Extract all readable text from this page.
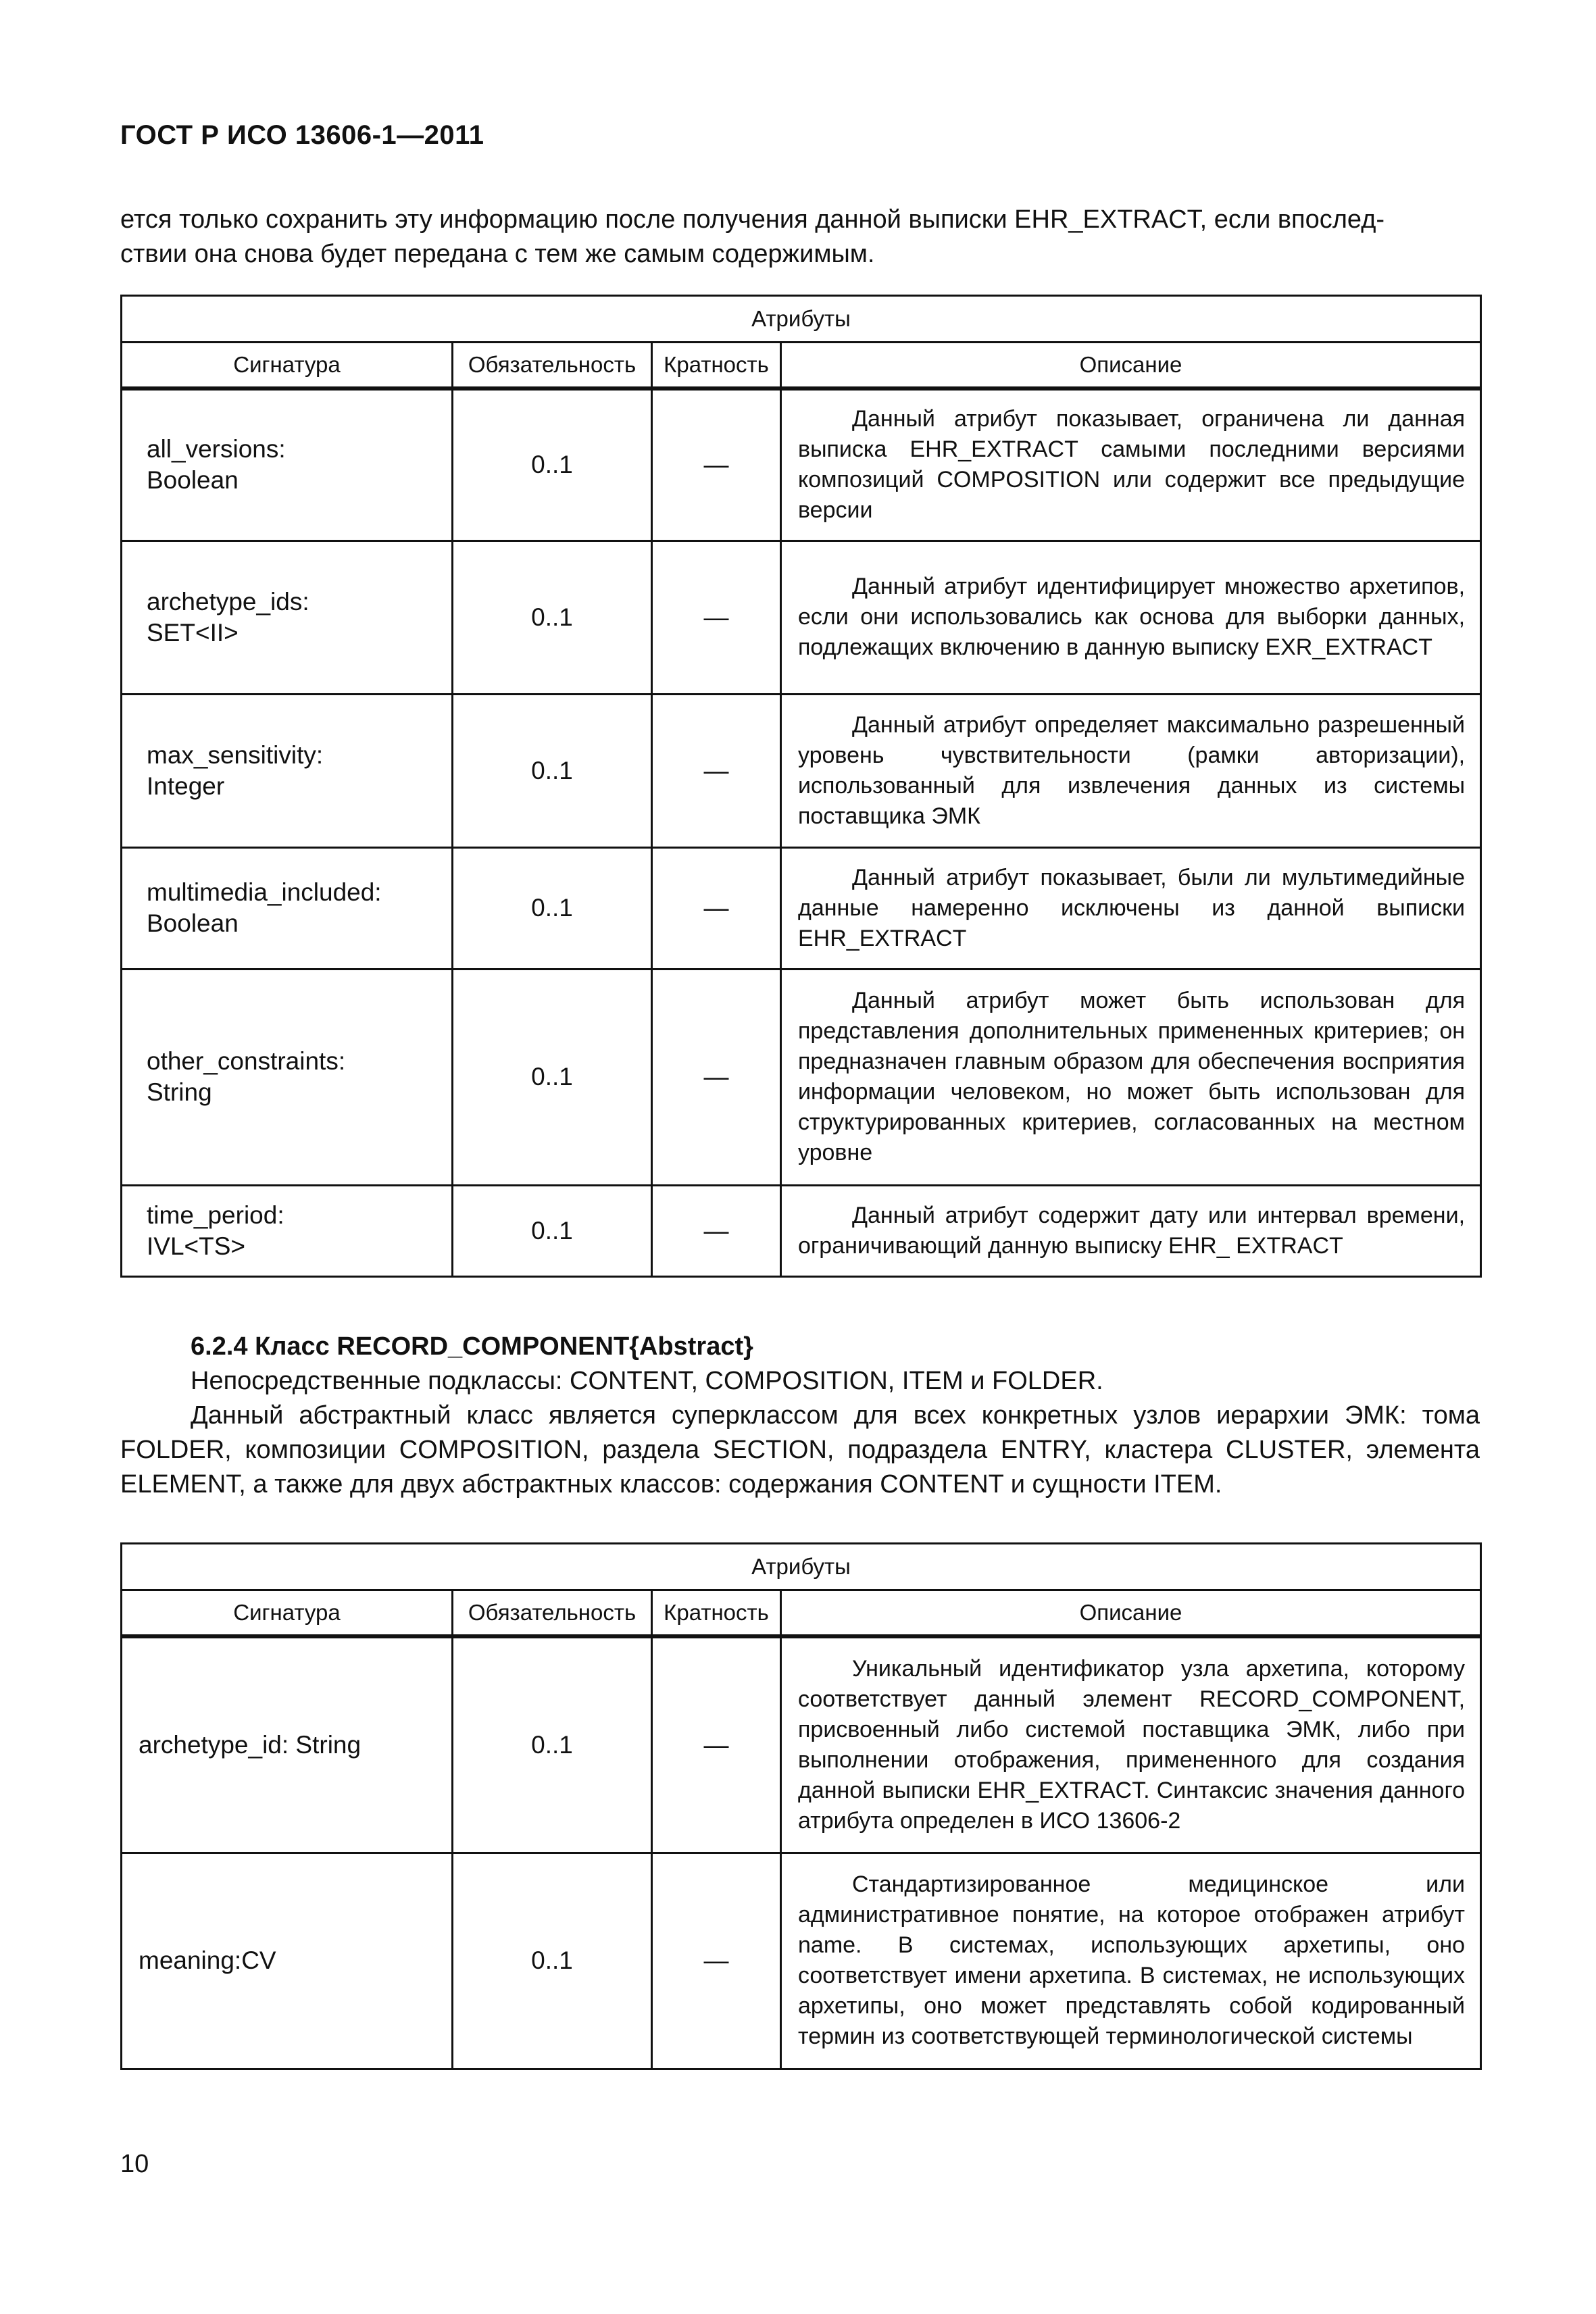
ГОСТ Р ИСО 13606-1—2011
ется только сохранить эту информацию после получения данной выписки EHR_EXTRACT, если впослед-
ствии она снова будет передана с тем же самым содержимым.
Атрибуты			
Сигнатура	Обязательность	Кратность	Описание

all_versions:
Boolean	0..1	—	Данный атрибут показывает, ограничена ли данная выписка EHR_EXTRACT самыми последними версиями композиций COMPOSITION или содержит все предыдущие версии

archetype_ids:
SET<II>	0..1	—	Данный атрибут идентифицирует множество архетипов, если они использовались как основа для выборки данных, подлежащих включению в данную выписку EXR_EXTRACT

max_sensitivity:
Integer	0..1	—	Данный атрибут определяет максимально разрешенный уровень чувствительности (рамки авторизации), использованный для извлечения данных из системы поставщика ЭМК

multimedia_included:
Boolean	0..1	—	Данный атрибут показывает, были ли мультимедийные данные намеренно исключены из данной выписки EHR_EXTRACT

other_constraints:
String	0..1	—	Данный атрибут может быть использован для представления дополнительных примененных критериев; он предназначен главным образом для обеспечения восприятия информации человеком, но может быть использован для структурированных критериев, согласованных на местном уровне

time_period:
IVL<TS>	0..1	—	Данный атрибут содержит дату или интервал времени, ограничивающий данную выписку EHR_ EXTRACT
6.2.4 Класс RECORD_COMPONENT{Abstract}
Непосредственные подклассы: CONTENT, COMPOSITION, ITEM и FOLDER.
Данный абстрактный класс является суперклассом для всех конкретных узлов иерархии ЭМК: тома FOLDER, композиции COMPOSITION, раздела SECTION, подраздела ENTRY, кластера CLUSTER, элемента ELEMENT, а также для двух абстрактных классов: содержания CONTENT и сущности ITEM.
Атрибуты			
Сигнатура	Обязательность	Кратность	Описание
archetype_id: String	0..1	—	Уникальный идентификатор узла архетипа, которому соответствует данный элемент RECORD_COMPONENT, присвоенный либо системой поставщика ЭМК, либо при выполнении отображения, примененного для создания данной выписки EHR_EXTRACT. Синтаксис значения данного атрибута определен в ИСО 13606-2

meaning:CV	0..1	—	Стандартизированное медицинское или административное понятие, на которое отображен атрибут name. В системах, использующих архетипы, оно соответствует имени архетипа. В системах, не использующих архетипы, оно может представлять собой кодированный термин из соответствующей терминологической системы
10
